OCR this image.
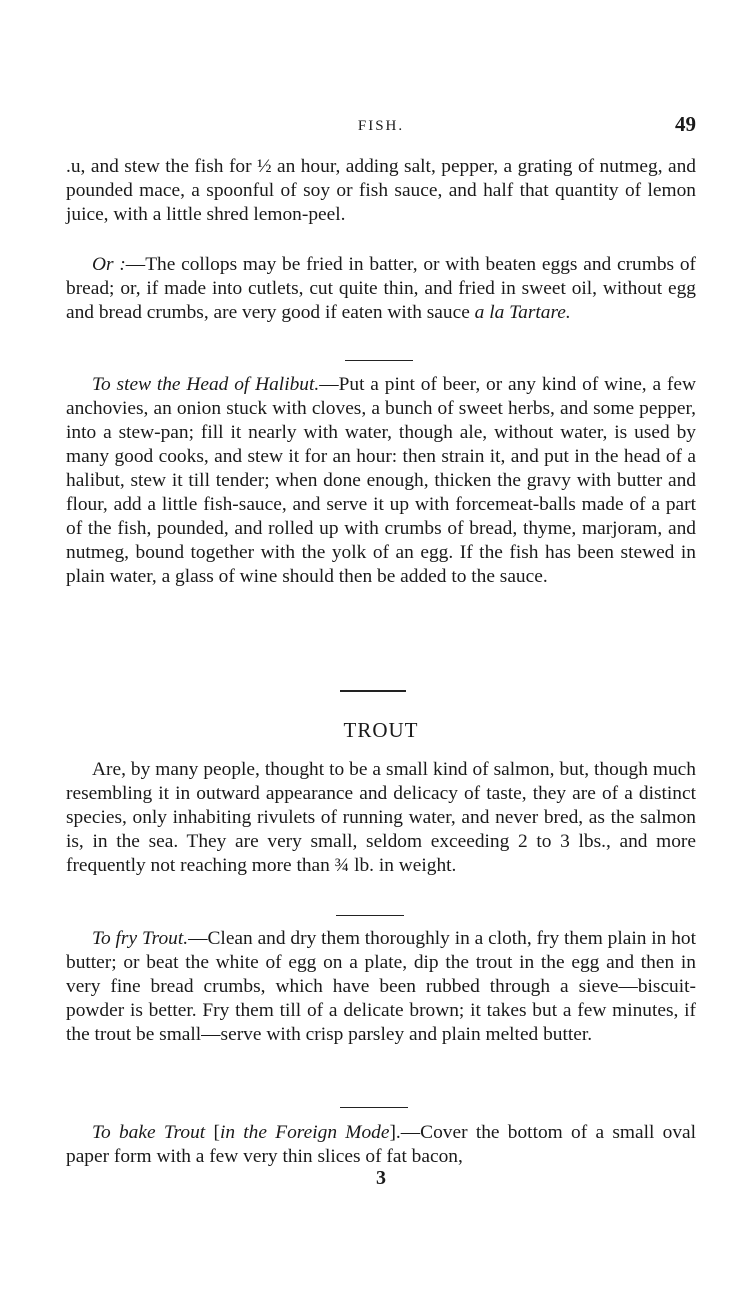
FISH.	49

.u, and stew the fish for ½ an hour, adding salt, pepper, a grating of nutmeg, and pounded mace, a spoonful of soy or fish sauce, and half that quantity of lemon juice, with a little shred lemon-peel.

Or :—The collops may be fried in batter, or with beaten eggs and crumbs of bread; or, if made into cutlets, cut quite thin, and fried in sweet oil, without egg and bread crumbs, are very good if eaten with sauce a la Tartare.

To stew the Head of Halibut.—Put a pint of beer, or any kind of wine, a few anchovies, an onion stuck with cloves, a bunch of sweet herbs, and some pepper, into a stew-pan; fill it nearly with water, though ale, without water, is used by many good cooks, and stew it for an hour: then strain it, and put in the head of a halibut, stew it till tender; when done enough, thicken the gravy with butter and flour, add a little fish-sauce, and serve it up with forcemeat-balls made of a part of the fish, pounded, and rolled up with crumbs of bread, thyme, marjoram, and nutmeg, bound together with the yolk of an egg. If the fish has been stewed in plain water, a glass of wine should then be added to the sauce.

TROUT

Are, by many people, thought to be a small kind of salmon, but, though much resembling it in outward appearance and delicacy of taste, they are of a distinct species, only inhabiting rivulets of running water, and never bred, as the salmon is, in the sea. They are very small, seldom exceeding 2 to 3 lbs., and more frequently not reaching more than ¾ lb. in weight.

To fry Trout.—Clean and dry them thoroughly in a cloth, fry them plain in hot butter; or beat the white of egg on a plate, dip the trout in the egg and then in very fine bread crumbs, which have been rubbed through a sieve—biscuit-powder is better. Fry them till of a delicate brown; it takes but a few minutes, if the trout be small—serve with crisp parsley and plain melted butter.

To bake Trout [in the Foreign Mode].—Cover the bottom of a small oval paper form with a few very thin slices of fat bacon,

3
